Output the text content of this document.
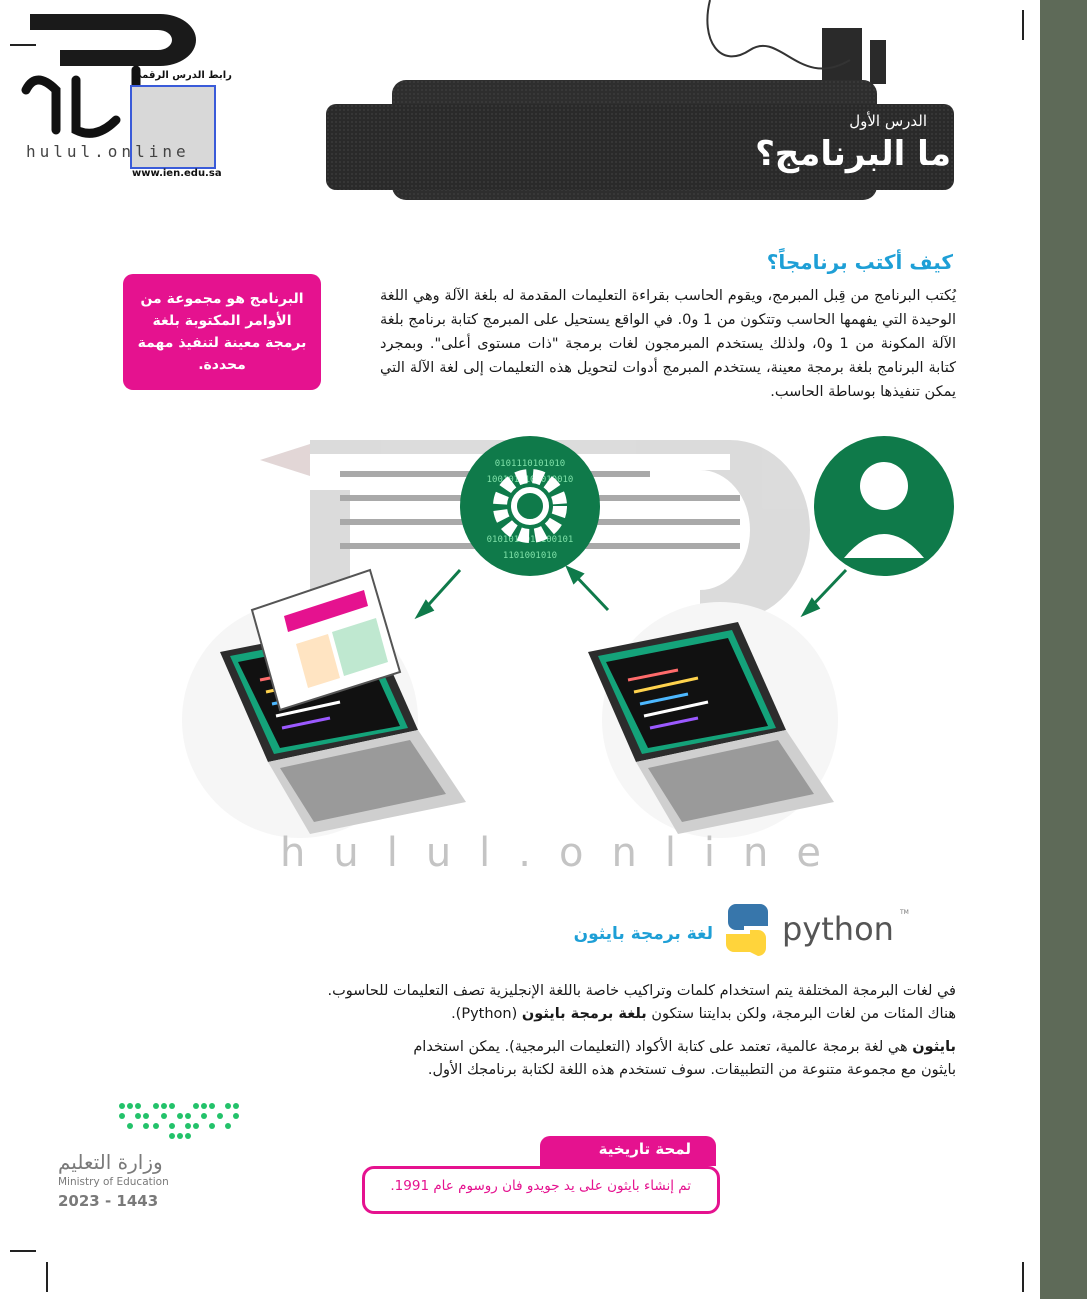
الدرس الأول
ما البرنامج؟
رابط الدرس الرقمي
www.ien.edu.sa
hulul.online
كيف أكتب برنامجاً؟
يُكتب البرنامج من قِبل المبرمج، ويقوم الحاسب بقراءة التعليمات المقدمة له بلغة الآلة وهي اللغة الوحيدة التي يفهمها الحاسب وتتكون من 1 و0. في الواقع يستحيل على المبرمج كتابة برنامج بلغة الآلة المكونة من 1 و0، ولذلك يستخدم المبرمجون لغات برمجة "ذات مستوى أعلى". وبمجرد كتابة البرنامج بلغة برمجة معينة، يستخدم المبرمج أدوات لتحويل هذه التعليمات إلى لغة الآلة التي يمكن تنفيذها بوساطة الحاسب.
البرنامج هو مجموعة من الأوامر المكتوبة بلغة برمجة معينة لتنفيذ مهمة محددة.
0101110101010
1001011101010010
0101010010100101
1101001010
hulul.online
python TM
لغة برمجة بايثون
في لغات البرمجة المختلفة يتم استخدام كلمات وتراكيب خاصة باللغة الإنجليزية تصف التعليمات للحاسوب.
هناك المئات من لغات البرمجة، ولكن بدايتنا ستكون بلغة برمجة بايثون (Python).
بايثون هي لغة برمجة عالمية، تعتمد على كتابة الأكواد (التعليمات البرمجية). يمكن استخدام بايثون مع مجموعة متنوعة من التطبيقات. سوف تستخدم هذه اللغة لكتابة برنامجك الأول.
لمحة تاريخية
تم إنشاء بايثون على يد جويدو فان روسوم عام 1991.
وزارة التعليم
Ministry of Education
2023 - 1443
